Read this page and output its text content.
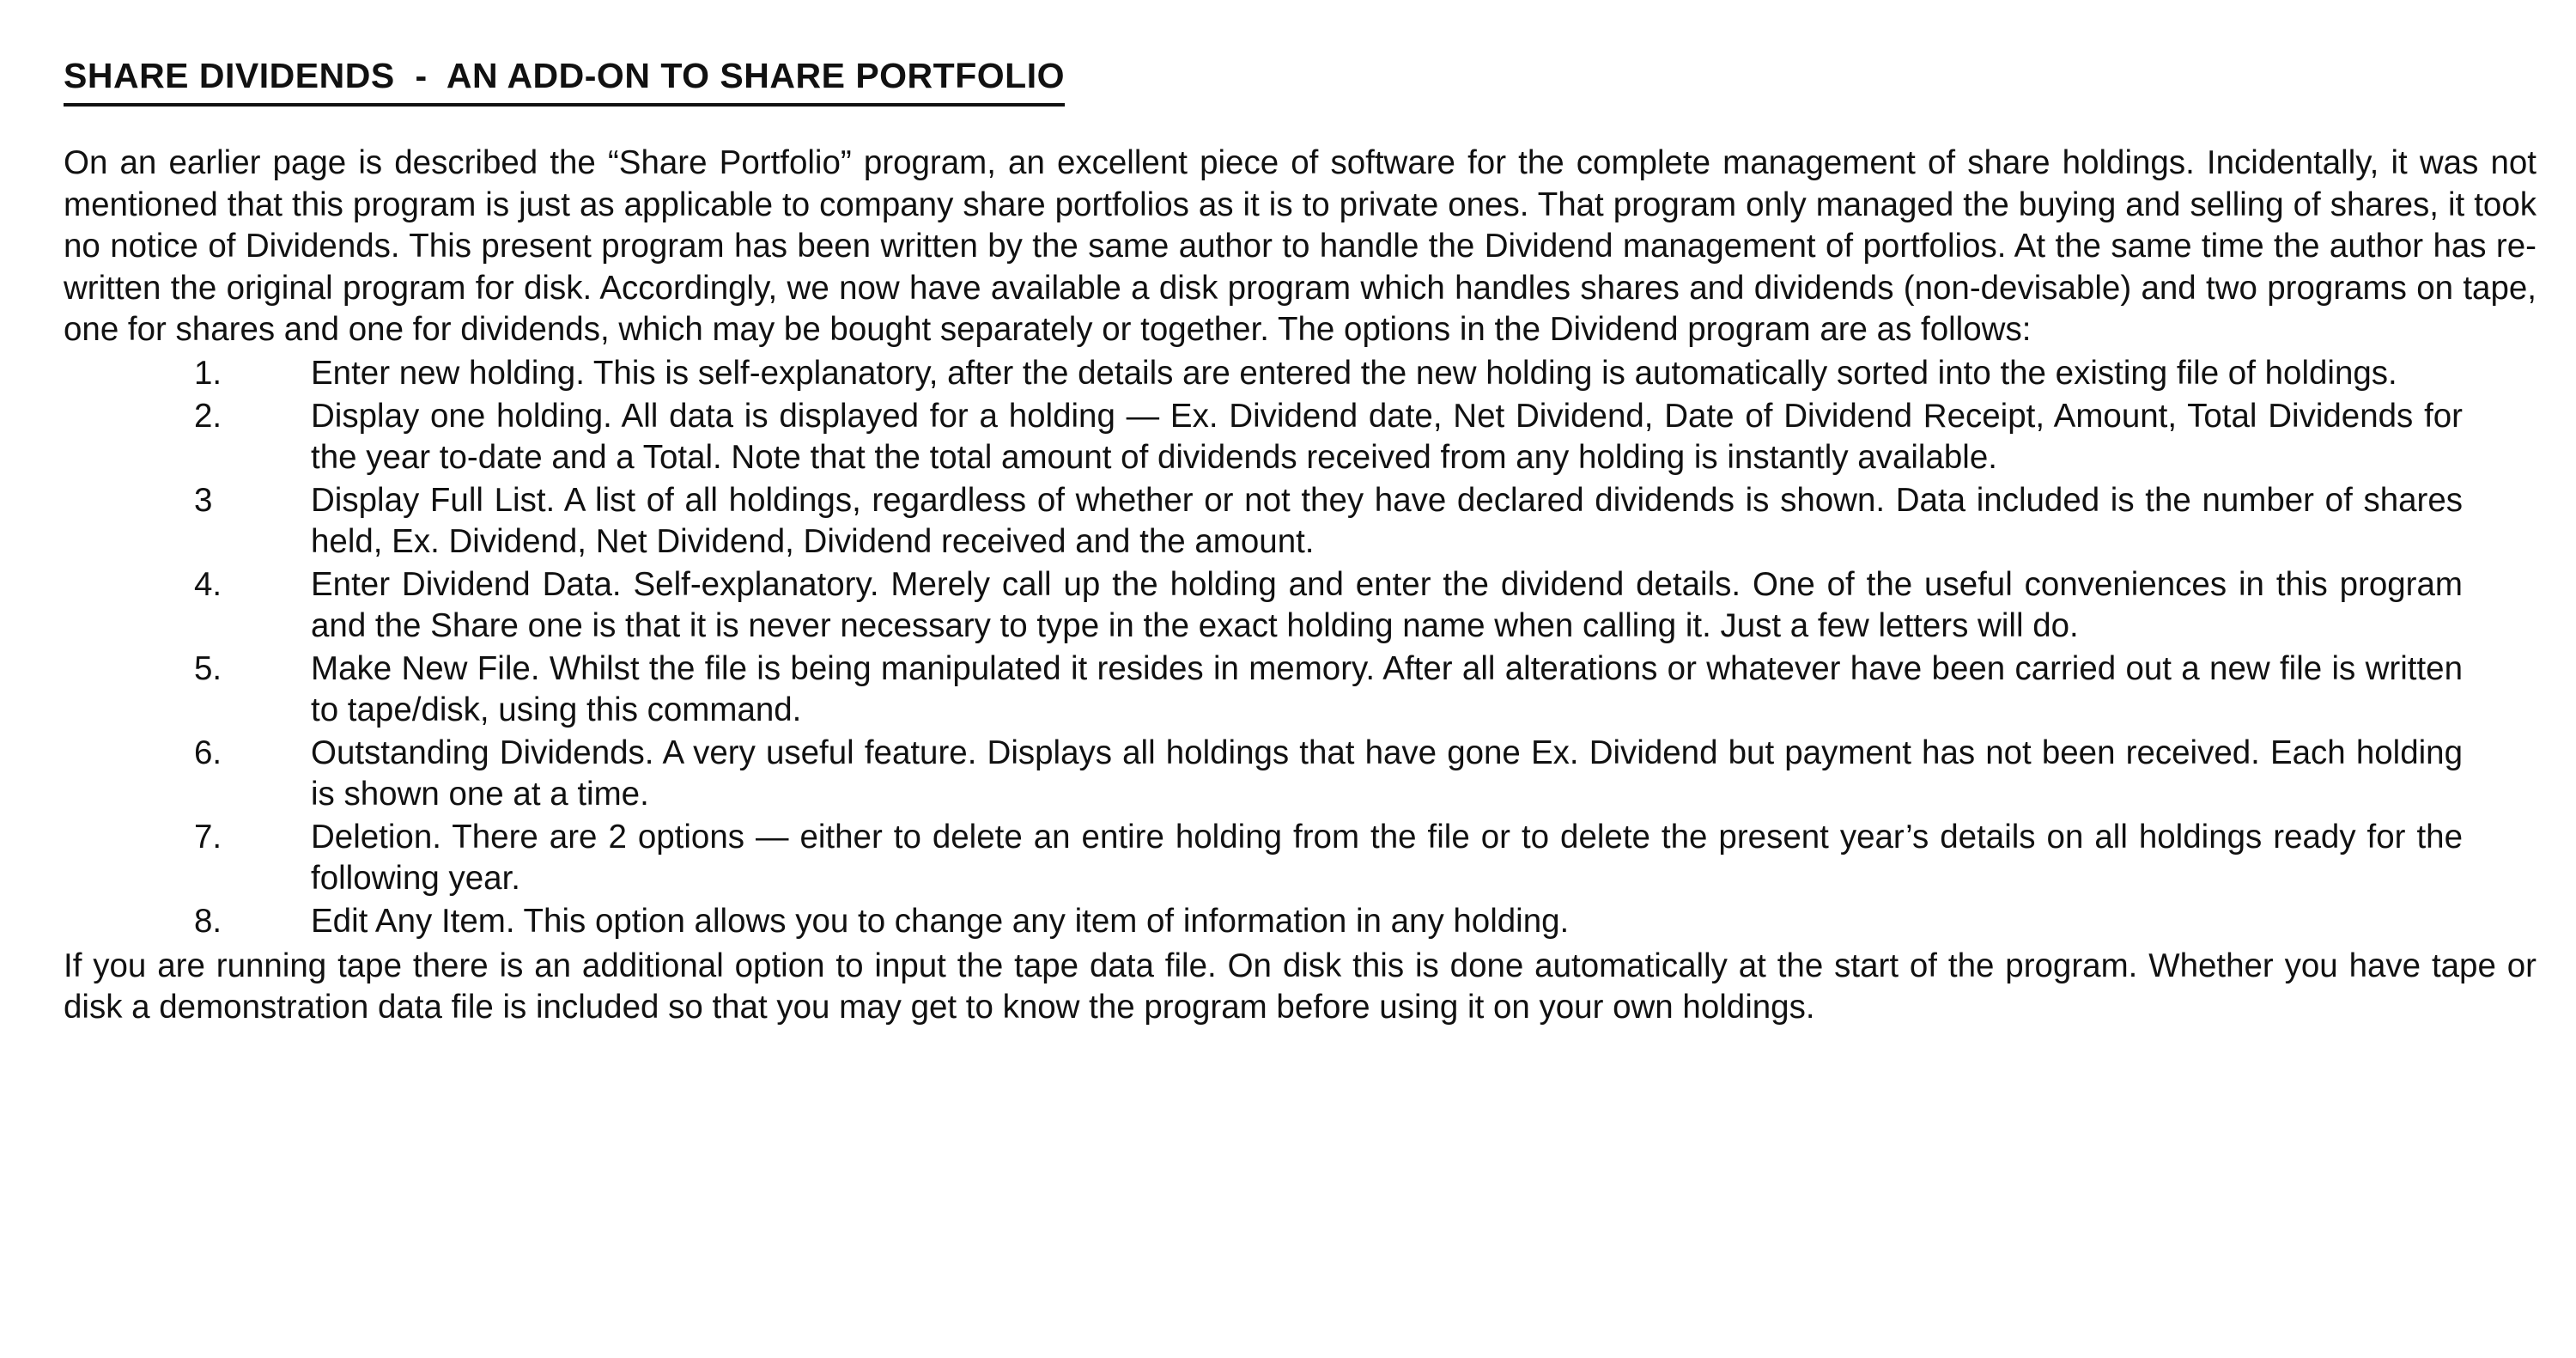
SHARE DIVIDENDS  -  AN ADD-ON TO SHARE PORTFOLIO

On an earlier page is described the “Share Portfolio” program, an excellent piece of software for the complete management of share holdings. Incidentally, it was not mentioned that this program is just as applicable to company share portfolios as it is to private ones. That program only managed the buying and selling of shares, it took no notice of Dividends. This present program has been written by the same author to handle the Dividend management of portfolios. At the same time the author has re-written the original program for disk. Accordingly, we now have available a disk program which handles shares and dividends (non-devisable) and two programs on tape, one for shares and one for dividends, which may be bought separately or together. The options in the Dividend program are as follows:

1.	Enter new holding. This is self-explanatory, after the details are entered the new holding is automatically sorted into the existing file of holdings.
2.	Display one holding. All data is displayed for a holding — Ex. Dividend date, Net Dividend, Date of Dividend Receipt, Amount, Total Dividends for the year to-date and a Total. Note that the total amount of dividends received from any holding is instantly available.
3	Display Full List. A list of all holdings, regardless of whether or not they have declared dividends is shown. Data included is the number of shares held, Ex. Dividend, Net Dividend, Dividend received and the amount.
4.	Enter Dividend Data. Self-explanatory. Merely call up the holding and enter the dividend details. One of the useful conveniences in this program and the Share one is that it is never necessary to type in the exact holding name when calling it. Just a few letters will do.
5.	Make New File. Whilst the file is being manipulated it resides in memory. After all alterations or whatever have been carried out a new file is written to tape/disk, using this command.
6.	Outstanding Dividends. A very useful feature. Displays all holdings that have gone Ex. Dividend but payment has not been received. Each holding is shown one at a time.
7.	Deletion. There are 2 options — either to delete an entire holding from the file or to delete the present year’s details on all holdings ready for the following year.
8.	Edit Any Item. This option allows you to change any item of information in any holding.

If you are running tape there is an additional option to input the tape data file. On disk this is done automatically at the start of the program. Whether you have tape or disk a demonstration data file is included so that you may get to know the program before using it on your own holdings.
